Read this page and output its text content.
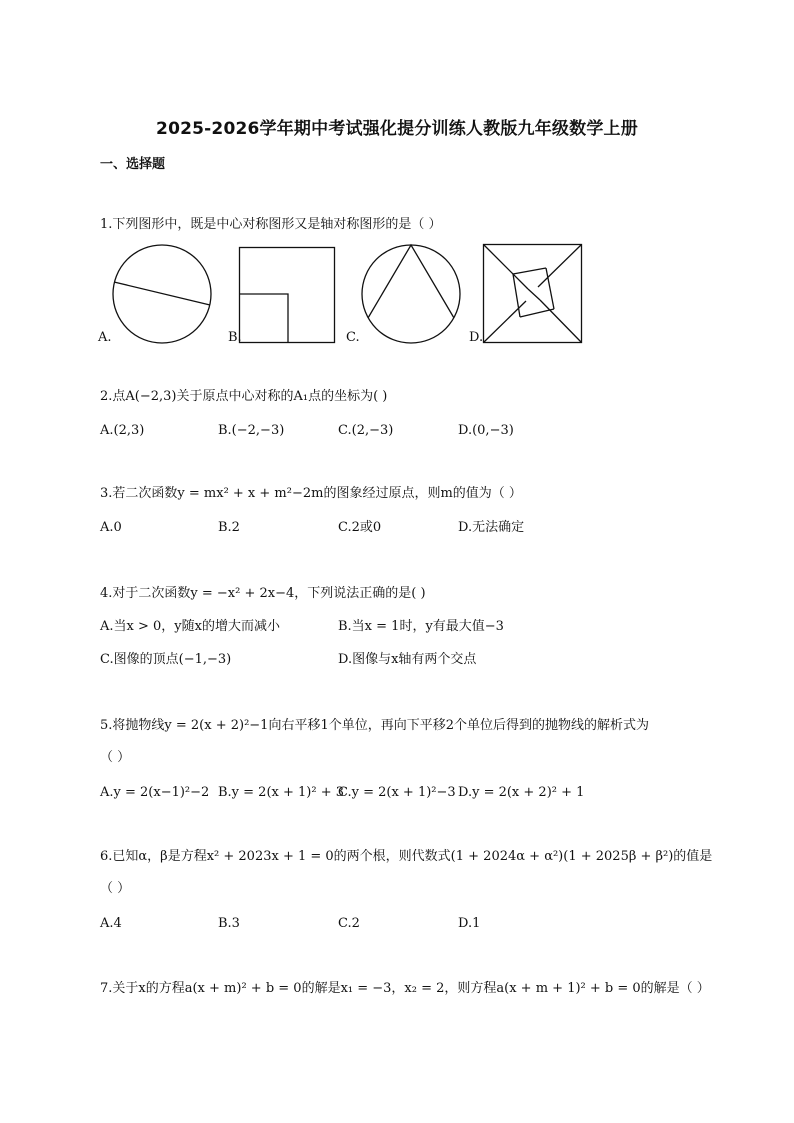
2025-2026学年期中考试强化提分训练人教版九年级数学上册
一、选择题
1.下列图形中，既是中心对称图形又是轴对称图形的是（ ）
A.	B.	C.	D.
2.点A(−2,3)关于原点中心对称的A₁点的坐标为( )
A.(2,3)	B.(−2,−3)	C.(2,−3)	D.(0,−3)
3.若二次函数y = mx² + x + m²−2m的图象经过原点，则m的值为（ ）
A.0	B.2	C.2或0	D.无法确定
4.对于二次函数y = −x² + 2x−4，下列说法正确的是( )
A.当x > 0，y随x的增大而减小	B.当x = 1时，y有最大值−3
C.图像的顶点(−1,−3)	D.图像与x轴有两个交点
5.将抛物线y = 2(x + 2)²−1向右平移1个单位，再向下平移2个单位后得到的抛物线的解析式为
（ ）
A.y = 2(x−1)²−2 B.y = 2(x + 1)² + 3
C.y = 2(x + 1)²−3 D.y = 2(x + 2)² + 1
6.已知α，β是方程x² + 2023x + 1 = 0的两个根，则代数式(1 + 2024α + α²)(1 + 2025β + β²)的值是
（ ）
A.4	B.3	C.2	D.1
7.关于x的方程a(x + m)² + b = 0的解是x₁ = −3，x₂ = 2，则方程a(x + m + 1)² + b = 0的解是（ ）
